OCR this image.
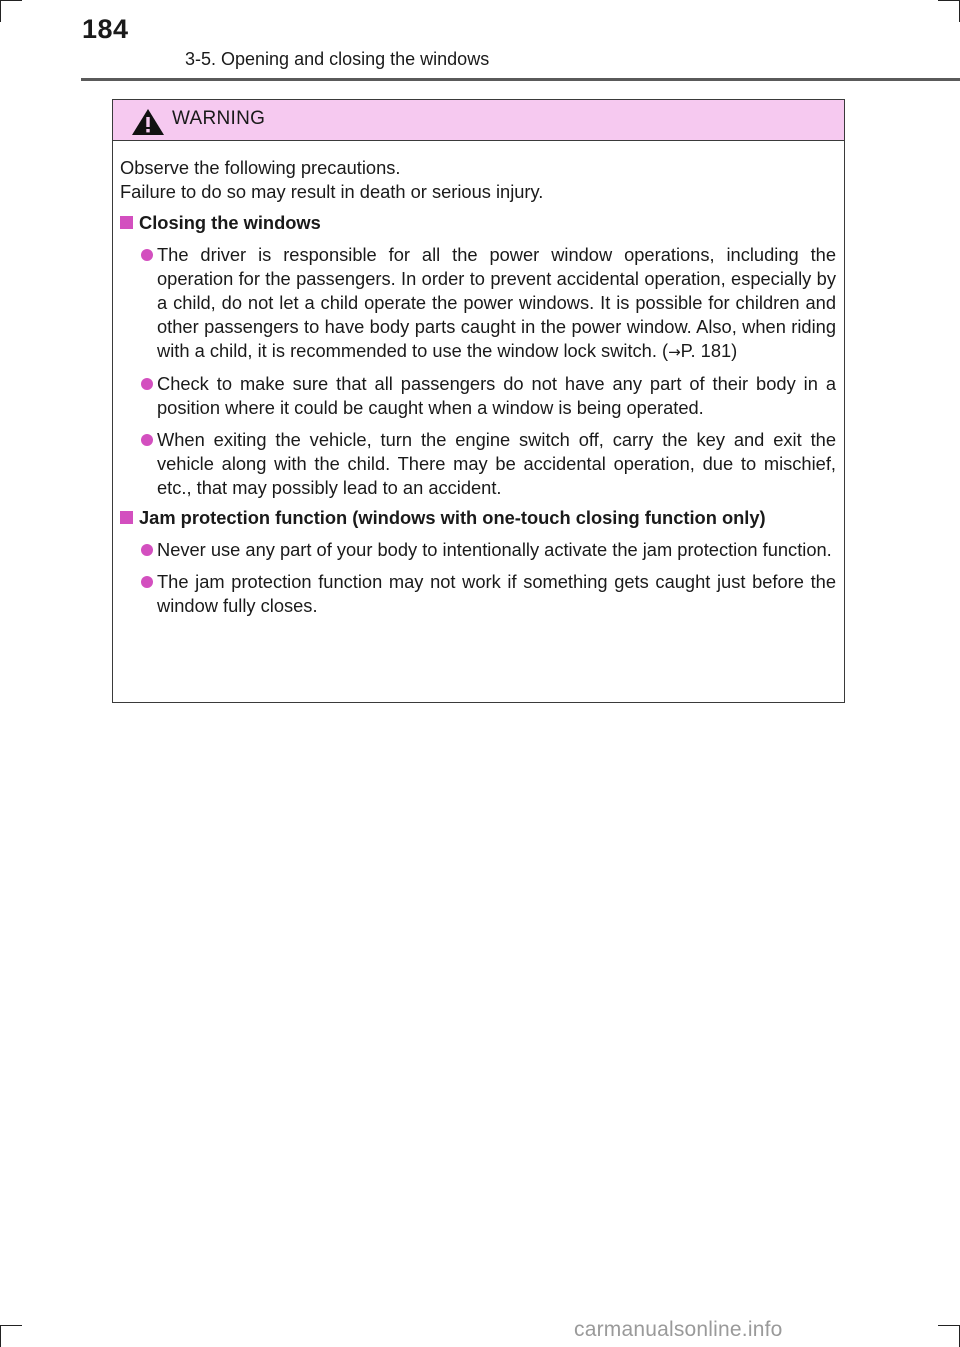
184
3-5. Opening and closing the windows
WARNING

Observe the following precautions.

Failure to do so may result in death or serious injury.

Closing the windows
The driver is responsible for all the power window operations, including the operation for the passengers. In order to prevent accidental operation, especially by a child, do not let a child operate the power windows. It is possible for children and other passengers to have body parts caught in the power window. Also, when riding with a child, it is recommended to use the window lock switch. (→P. 181)
Check to make sure that all passengers do not have any part of their body in a position where it could be caught when a window is being operated.
When exiting the vehicle, turn the engine switch off, carry the key and exit the vehicle along with the child. There may be accidental operation, due to mischief, etc., that may possibly lead to an accident.
Jam protection function (windows with one-touch closing function only)
Never use any part of your body to intentionally activate the jam protection function.
The jam protection function may not work if something gets caught just before the window fully closes.
carmanualsonline.info
